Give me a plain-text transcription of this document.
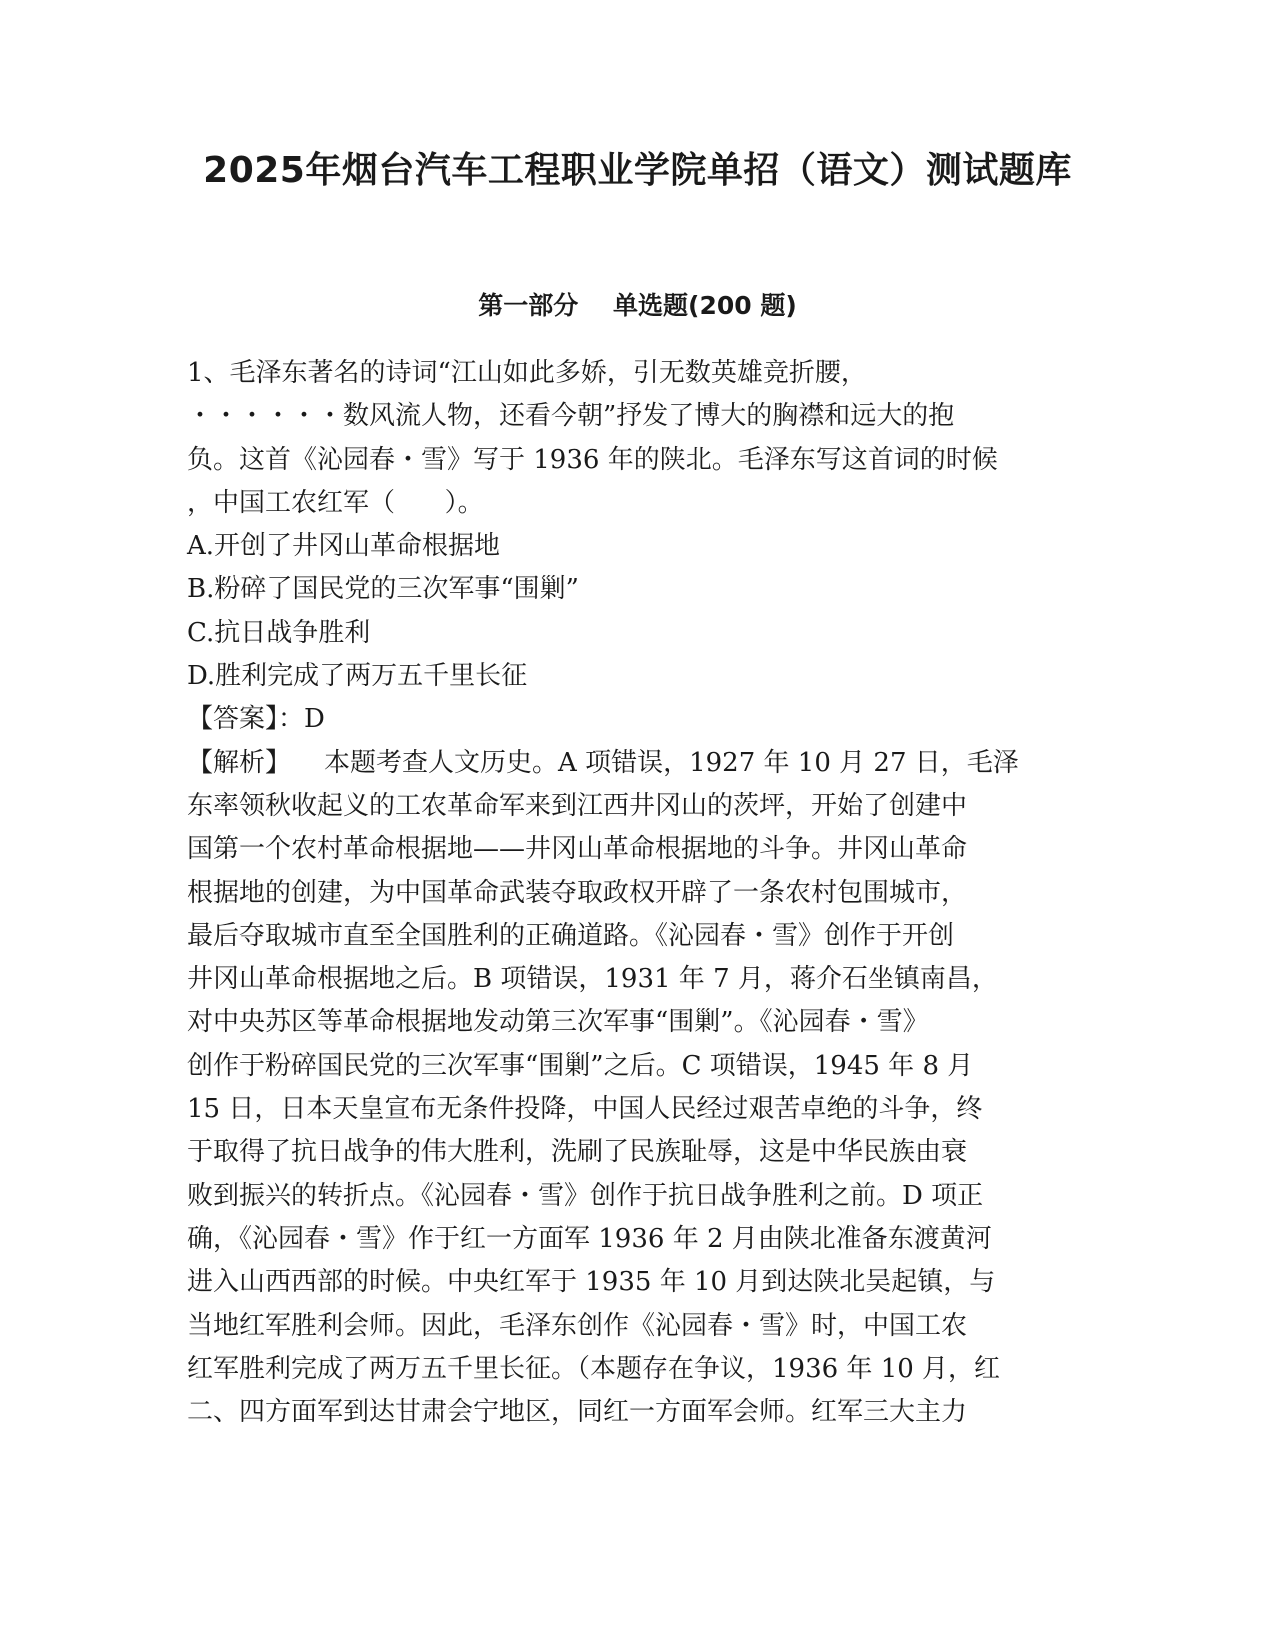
2025年烟台汽车工程职业学院单招（语文）测试题库
第一部分    单选题(200 题)
1、毛泽东著名的诗词“江山如此多娇，引无数英雄竞折腰，
・・・・・・数风流人物，还看今朝”抒发了博大的胸襟和远大的抱
负。这首《沁园春・雪》写于 1936 年的陕北。毛泽东写这首词的时候
，中国工农红军（      ）。
A.开创了井冈山革命根据地
B.粉碎了国民党的三次军事“围剿”
C.抗日战争胜利
D.胜利完成了两万五千里长征
【答案】：D
【解析】    本题考查人文历史。A 项错误，1927 年 10 月 27 日，毛泽
东率领秋收起义的工农革命军来到江西井冈山的茨坪，开始了创建中
国第一个农村革命根据地——井冈山革命根据地的斗争。井冈山革命
根据地的创建，为中国革命武装夺取政权开辟了一条农村包围城市，
最后夺取城市直至全国胜利的正确道路。《沁园春・雪》创作于开创
井冈山革命根据地之后。B 项错误，1931 年 7 月，蒋介石坐镇南昌，
对中央苏区等革命根据地发动第三次军事“围剿”。《沁园春・雪》
创作于粉碎国民党的三次军事“围剿”之后。C 项错误，1945 年 8 月
15 日，日本天皇宣布无条件投降，中国人民经过艰苦卓绝的斗争，终
于取得了抗日战争的伟大胜利，洗刷了民族耻辱，这是中华民族由衰
败到振兴的转折点。《沁园春・雪》创作于抗日战争胜利之前。D 项正
确，《沁园春・雪》作于红一方面军 1936 年 2 月由陕北准备东渡黄河
进入山西西部的时候。中央红军于 1935 年 10 月到达陕北吴起镇，与
当地红军胜利会师。因此，毛泽东创作《沁园春・雪》时，中国工农
红军胜利完成了两万五千里长征。（本题存在争议，1936 年 10 月，红
二、四方面军到达甘肃会宁地区，同红一方面军会师。红军三大主力
